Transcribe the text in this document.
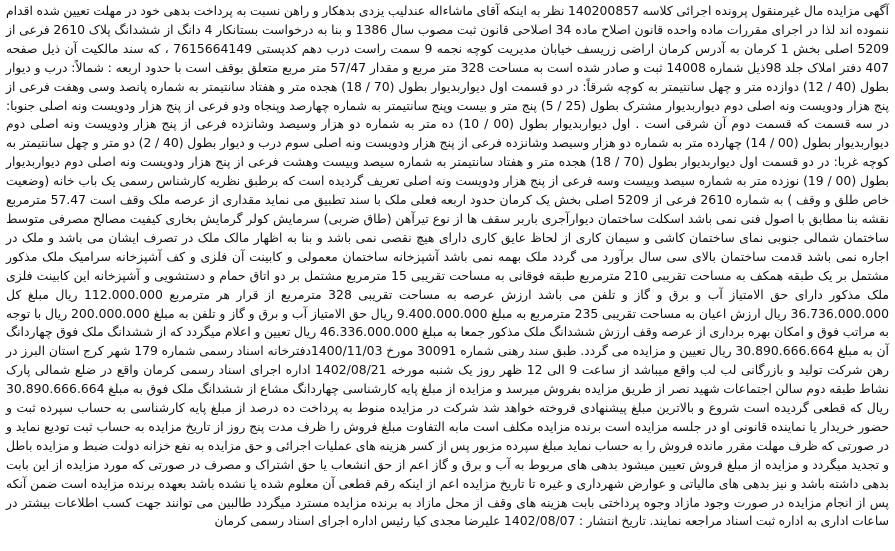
آگهی مزایده مال غیرمنقول پرونده اجرائی کلاسه 140200857 نظر به اینکه آقای ماشاءاله عندلیب یزدی بدهکار و راهن نسبت به پرداخت بدهی خود در مهلت تعیین شده اقدام ننموده اند لذا در اجرای مقررات ماده واحده قانون اصلاح ماده 34 اصلاحی قانون ثبت مصوب سال 1386 و بنا به درخواست بستانکار 4 دانگ از ششدانگ پلاک 2610 فرعی از 5209 اصلی بخش 1 کرمان به آدرس کرمان اراضی زریسف خیابان مدیریت کوچه نجمه 9 سمت راست درب دهم کدپستی 7615664149 ، که سند مالکیت آن ذیل صفحه 407 دفتر املاک جلد 98ذیل شماره 14008 ثبت و صادر شده است به مساحت 328 متر مربع و مقدار 57/47 متر مربع متعلق بوقف است با حدود اربعه : شمالاً: درب و دیوار بطول (40 / 12) دوازده متر و چهل سانتیمتر به کوچه شرقاً: در دو قسمت اول دیواربدیوار بطول (70 / 18) هجده متر و هفتاد سانتیمتر به شماره پانصد وسی وهفت فرعی از پنج هزار ودویست ونه اصلی دوم دیواربدیوار مشترک بطول (25 / 5) پنج متر و بیست وپنج سانتیمتر به شماره چهارصد وپنجاه ودو فرعی از پنج هزار ودویست ونه اصلی جنوبا: در سه قسمت که قسمت دوم آن شرقی است . اول دیواربدیوار بطول (00 / 10) ده متر به شماره دو هزار وسیصد وشانزده فرعی از پنج هزار ودویست ونه اصلی دوم دیواربدیوار بطول (00 / 14) چهارده متر به شماره دو هزار وسیصد وشانزده فرعی از پنج هزار ودویست ونه اصلی سوم درب و دیوار بطول (40 / 2) دو متر و چهل سانتیمتر به کوچه غربا: در دو قسمت اول دیواربدیوار بطول (70 / 18) هجده متر و هفتاد سانتیمتر به شماره سیصد وبیست وهشت فرعی از پنج هزار ودویست ونه اصلی دوم دیواربدیوار بطول (00 / 19) نوزده متر به شماره سیصد وبیست وسه فرعی از پنج هزار ودویست ونه اصلی تعریف گردیده است که برطبق نظریه کارشناس رسمی یک باب خانه (وضعیت خاص طلق و وقف ) به شماره 2610 فرعی از 5209 اصلی بخش یک کرمان حدود اربعه فعلی ملک با سند تطبیق می نماید مقداری از عرصه ملک وقف است 57.47 مترمربع نقشه بنا مطابق با اصول فنی نمی باشد اسکلت ساختمان دیوارآجری باربر سقف ها از نوع تیرآهن (طاق ضربی) سرمایش کولر گرمایش بخاری کیفیت مصالح مصرفی متوسط ساختمان شمالی جنوبی نمای ساختمان کاشی و سیمان کاری از لحاظ عایق کاری دارای هیچ نقصی نمی باشد و بنا به اظهار مالک ملک در تصرف ایشان می باشد و ملک در اجاره نمی باشد قدمت ساختمان بالای سی سال برآورد می گردد ملک بهمه نمی باشد آشپزخانه ساختمان معمولی و کابینت آن فلزی و کف آشپزخانه سرامیک ملک مذکور مشتمل بر یک طبقه همکف به مساحت تقریبی 210 مترمربع طبقه فوقانی به مساحت تقریبی 15 مترمربع مشتمل بر دو اتاق حمام و دستشویی و آشپزخانه این کابینت فلزی ملک مذکور دارای حق الامتیاز آب و برق و گاز و تلفن می باشد ارزش عرصه به مساحت تقریبی 328 مترمربع از قرار هر مترمربع 112.000.000 ریال مبلغ کل 36.736.000.000 ریال ارزش اعیان به مساحت تقریبی 235 مترمربع به مبلغ 9.400.000.000 ریال حق الامتیاز آب و برق و گاز و تلفن به مبلغ 200.000.000 ریال با توجه به مراتب فوق و امکان بهره برداری از عرصه وقف ارزش ششدانگ ملک مذکور جمعا به مبلغ 46.336.000.000 ریال تعیین و اعلام میگردد که از ششدانگ ملک فوق چهاردانگ آن به مبلغ 30.890.666.664 ریال تعیین و مزایده می گردد. طبق سند رهنی شماره 30091 مورخ 1400/11/03دفترخانه اسناد رسمی شماره 179 شهر کرج استان البرز در رهن شرکت تولید و بازرگانی لب لب واقع میباشد از ساعت 9 الی 12 ظهر روز یک شنبه مورخه 1402/08/21 اداره اجرای اسناد رسمی کرمان واقع در ضلع شمالی پارک نشاط طبقه دوم سالن اجتماعات شهید نصر از طریق مزایده بفروش میرسد و مزایده از مبلغ پایه کارشناسی چهاردانگ مشاع از ششدانگ ملک فوق به مبلغ 30.890.666.664 ریال که قطعی گردیده است شروع و بالاترین مبلغ پیشنهادی فروخته خواهد شد شرکت در مزایده منوط به پرداخت ده درصد از مبلغ پایه کارشناسی به حساب سپرده ثبت و حضور خریدار یا نماینده قانونی او در جلسه مزایده است برنده مزایده مکلف است مابه التفاوت مبلغ فروش را ظرف مدت پنج روز از تاریخ مزایده به حساب ثبت تودیع نماید و در صورتی که ظرف مهلت مقرر مانده فروش را به حساب نماید مبلغ سپرده مزبور پس از کسر هزینه های عملیات اجرائی و حق مزایده به نفع خزانه دولت ضبط و مزایده باطل و تجدید میگردد و مزایده از مبلغ فروش تعیین میشود بدهی های مربوط به آب و برق و گاز اعم از حق انشعاب یا حق اشتراک و مصرف در صورتی که مورد مزایده از این بابت بدهی داشته باشد و نیز بدهی های مالیاتی و عوارض شهرداری و غیره تا تاریخ مزایده اعم از اینکه رقم قطعی آن معلوم شده یا نشده باشد بعهده برنده مزایده است ضمن آنکه پس از انجام مزایده در صورت وجود مازاد وجوه پرداختی بابت هزینه های وقف از محل مازاد به برنده مزایده مسترد میگردد طالبین می توانند جهت کسب اطلاعات بیشتر در ساعات اداری به اداره ثبت اسناد مراجعه نمایند. تاریخ انتشار : 1402/08/07 علیرضا مجدی کیا رئیس اداره اجرای اسناد رسمی کرمان
